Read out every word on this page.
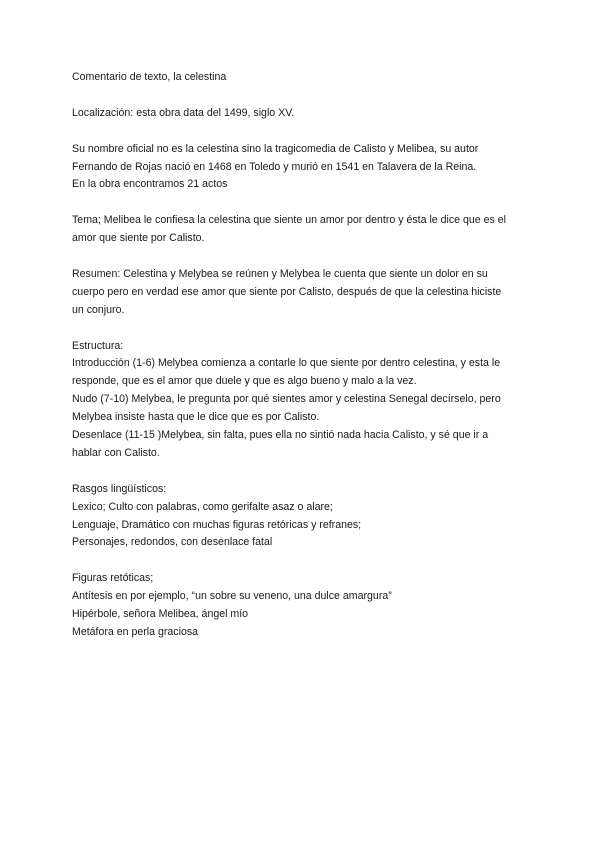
Comentario de texto, la celestina

Localización: esta obra data del 1499, siglo XV.

Su nombre oficial no es la celestina sino la tragicomedia de Calisto y Melibea, su autor

Fernando de Rojas nació en 1468 en Toledo y murió en 1541 en Talavera de la Reina.

En la obra encontramos 21 actos

Tema; Melibea le confiesa la celestina que siente un amor por dentro y ésta le dice que es el

amor que siente por Calisto.

Resumen: Celestina y Melybea se reúnen y Melybea le cuenta que siente un dolor en su

cuerpo pero en verdad ese amor que siente por Calisto, después de que la celestina hiciste

un conjuro.

Estructura:

Introducción (1-6) Melybea comienza a contarle lo que siente por dentro celestina, y esta le

responde, que es el amor que duele y que es algo bueno y malo a la vez.

Nudo (7-10) Melybea, le pregunta por qué sientes amor y celestina Senegal decírselo, pero

Melybea insiste hasta que le dice que es por Calisto.

Desenlace (11-15 )Melybea, sin falta, pues ella no sintió nada hacia Calisto, y sé que ir a

hablar con Calisto.

Rasgos lingüísticos:

Lexico; Culto con palabras, como gerifalte asaz o alare;

Lenguaje, Dramático con muchas figuras retóricas y refranes;

Personajes, redondos, con desenlace fatal

Figuras retóticas;

Antítesis en por ejemplo, “un sobre su veneno, una dulce amargura”

Hipérbole, señora Melibea, ángel mío

Metáfora en perla graciosa
